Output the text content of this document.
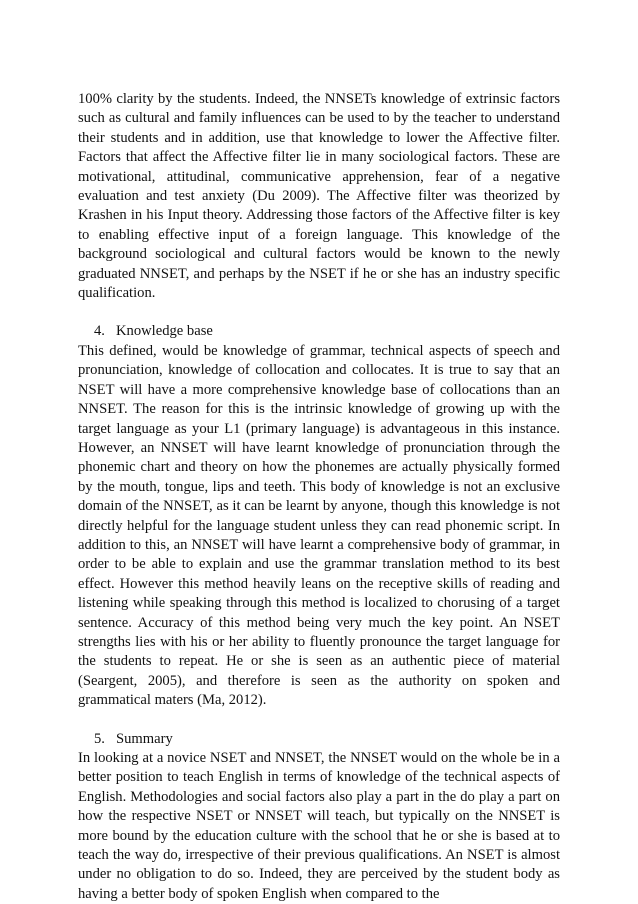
100% clarity by the students. Indeed, the NNSETs knowledge of extrinsic factors such as cultural and family influences can be used to by the teacher to understand their students and in addition, use that knowledge to lower the Affective filter. Factors that affect the Affective filter lie in many sociological factors. These are motivational, attitudinal, communicative apprehension, fear of a negative evaluation and test anxiety (Du 2009). The Affective filter was theorized by Krashen in his Input theory. Addressing those factors of the Affective filter is key to enabling effective input of a foreign language. This knowledge of the background sociological and cultural factors would be known to the newly graduated NNSET, and perhaps by the NSET if he or she has an industry specific qualification.

4. Knowledge base

This defined, would be knowledge of grammar, technical aspects of speech and pronunciation, knowledge of collocation and collocates. It is true to say that an NSET will have a more comprehensive knowledge base of collocations than an NNSET. The reason for this is the intrinsic knowledge of growing up with the target language as your L1 (primary language) is advantageous in this instance. However, an NNSET will have learnt knowledge of pronunciation through the phonemic chart and theory on how the phonemes are actually physically formed by the mouth, tongue, lips and teeth. This body of knowledge is not an exclusive domain of the NNSET, as it can be learnt by anyone, though this knowledge is not directly helpful for the language student unless they can read phonemic script. In addition to this, an NNSET will have learnt a comprehensive body of grammar, in order to be able to explain and use the grammar translation method to its best effect. However this method heavily leans on the receptive skills of reading and listening while speaking through this method is localized to chorusing of a target sentence. Accuracy of this method being very much the key point. An NSET strengths lies with his or her ability to fluently pronounce the target language for the students to repeat. He or she is seen as an authentic piece of material (Seargent, 2005), and therefore is seen as the authority on spoken and grammatical maters (Ma, 2012).

5. Summary

In looking at a novice NSET and NNSET, the NNSET would on the whole be in a better position to teach English in terms of knowledge of the technical aspects of English. Methodologies and social factors also play a part in the do play a part on how the respective NSET or NNSET will teach, but typically on the NNSET is more bound by the education culture with the school that he or she is based at to teach the way do, irrespective of their previous qualifications. An NSET is almost under no obligation to do so. Indeed, they are perceived by the student body as having a better body of spoken English when compared to the
